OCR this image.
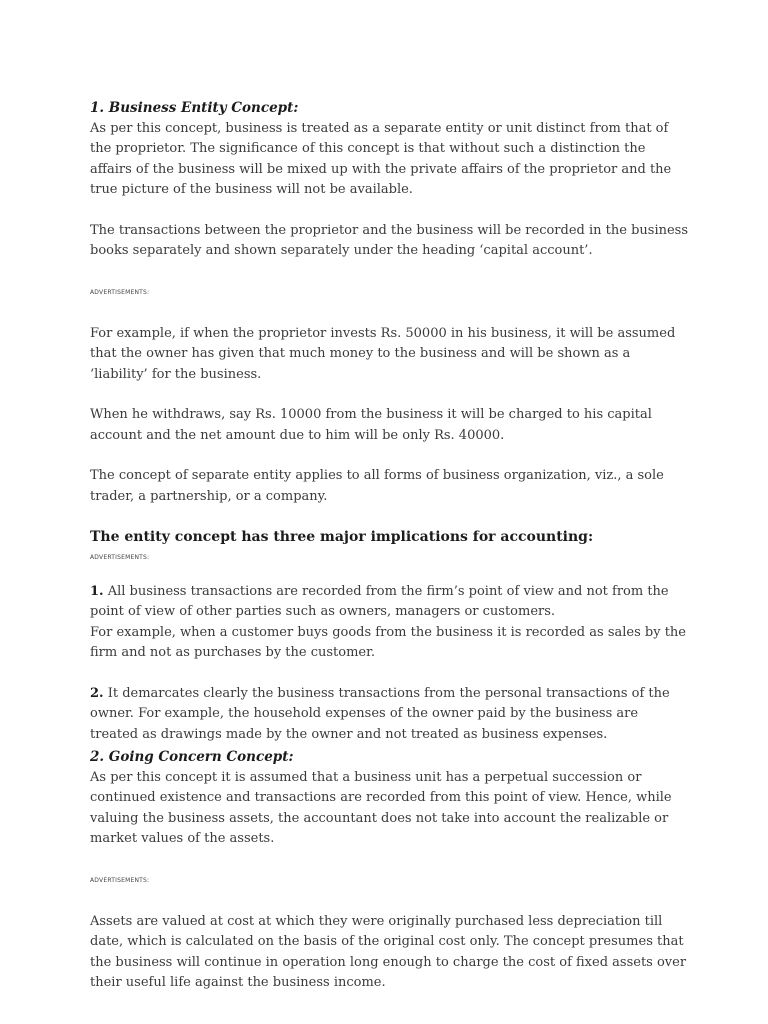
1. Business Entity Concept:

As per this concept, business is treated as a separate entity or unit distinct from that of the proprietor. The significance of this concept is that without such a distinction the affairs of the business will be mixed up with the private affairs of the proprietor and the true picture of the business will not be available.

The transactions between the proprietor and the business will be recorded in the business books separately and shown separately under the heading ‘capital account’.

ADVERTISEMENTS:

For example, if when the proprietor invests Rs. 50000 in his business, it will be assumed that the owner has given that much money to the business and will be shown as a ‘liability’ for the business.

When he withdraws, say Rs. 10000 from the business it will be charged to his capital account and the net amount due to him will be only Rs. 40000.

The concept of separate entity applies to all forms of business organization, viz., a sole trader, a partnership, or a company.

The entity concept has three major implications for accounting:

ADVERTISEMENTS:

1. All business transactions are recorded from the firm’s point of view and not from the point of view of other parties such as owners, managers or customers.

For example, when a customer buys goods from the business it is recorded as sales by the firm and not as purchases by the customer.

2. It demarcates clearly the business transactions from the personal transactions of the owner. For example, the household expenses of the owner paid by the business are treated as drawings made by the owner and not treated as business expenses.

2. Going Concern Concept:

As per this concept it is assumed that a business unit has a perpetual succession or continued existence and transactions are recorded from this point of view. Hence, while valuing the business assets, the accountant does not take into account the realizable or market values of the assets.

ADVERTISEMENTS:

Assets are valued at cost at which they were originally purchased less depreciation till date, which is calculated on the basis of the original cost only. The concept presumes that the business will continue in operation long enough to charge the cost of fixed assets over their useful life against the business income.
